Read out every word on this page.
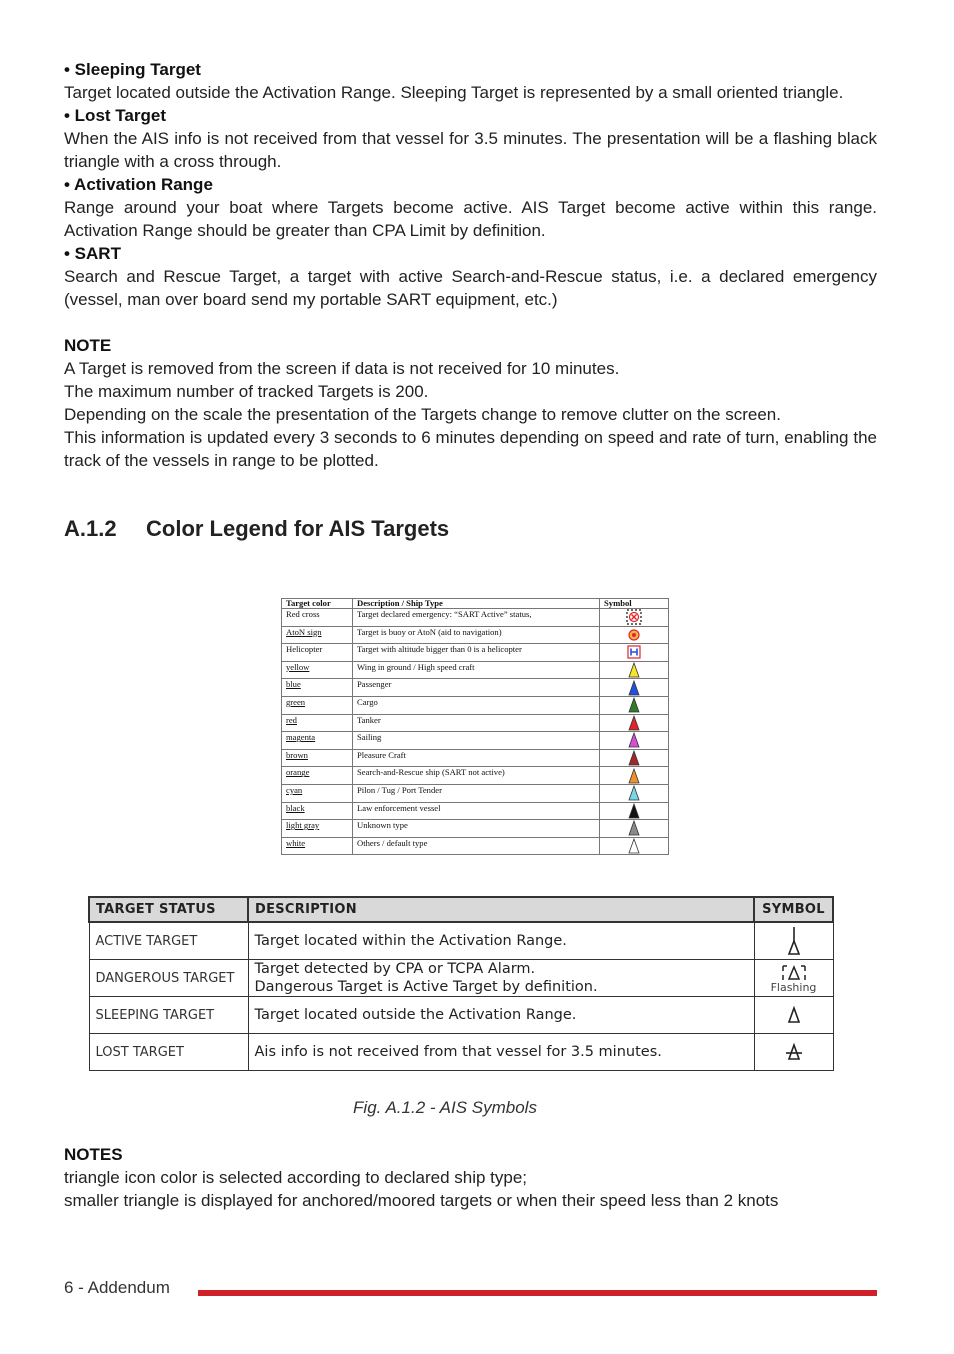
• Sleeping Target
Target located outside the Activation Range. Sleeping Target is represented by a small oriented triangle.
• Lost Target
When the AIS info is not received from that vessel for 3.5 minutes. The presentation will be a flashing black triangle with a cross through.
• Activation Range
Range around your boat where Targets become active. AIS Target become active within this range. Activation Range should be greater than CPA Limit by definition.
• SART
Search and Rescue Target, a target with active Search-and-Rescue status, i.e. a declared emergency (vessel, man over board send my portable SART equipment, etc.)
NOTE
A Target is removed from the screen if data is not received for 10 minutes.
The maximum number of tracked Targets is 200.
Depending on the scale the presentation of the Targets change to remove clutter on the screen.
This information is updated every 3 seconds to 6 minutes depending on speed and rate of turn, enabling the track of the vessels in range to be plotted.
A.1.2 Color Legend for AIS Targets
Target color	Description / Ship Type	Symbol
Red cross	Target declared emergency: “SART Active” status,	

AtoN sign	Target is buoy or AtoN (aid to navigation)	

Helicopter	Target with altitude bigger than 0 is a helicopter	

yellow	Wing in ground / High speed craft	

blue	Passenger	

green	Cargo	

red	Tanker	

magenta	Sailing	

brown	Pleasure Craft	

orange	Search-and-Rescue ship (SART not active)	

cyan	Pilon / Tug / Port Tender	

black	Law enforcement vessel	

light gray	Unknown type	

white	Others / default type	
TARGET STATUS	DESCRIPTION	SYMBOL
ACTIVE TARGET	Target located within the Activation Range.

DANGEROUS TARGET	Target detected by CPA or TCPA Alarm.
Dangerous Target is Active Target by definition.	Flashing

SLEEPING TARGET	Target located outside the Activation Range.

LOST TARGET	Ais info is not received from that vessel for 3.5 minutes.

Fig. A.1.2 - AIS Symbols
NOTES
triangle icon color is selected according to declared ship type;
smaller triangle is displayed for anchored/moored targets or when their speed less than 2 knots
6 - Addendum
